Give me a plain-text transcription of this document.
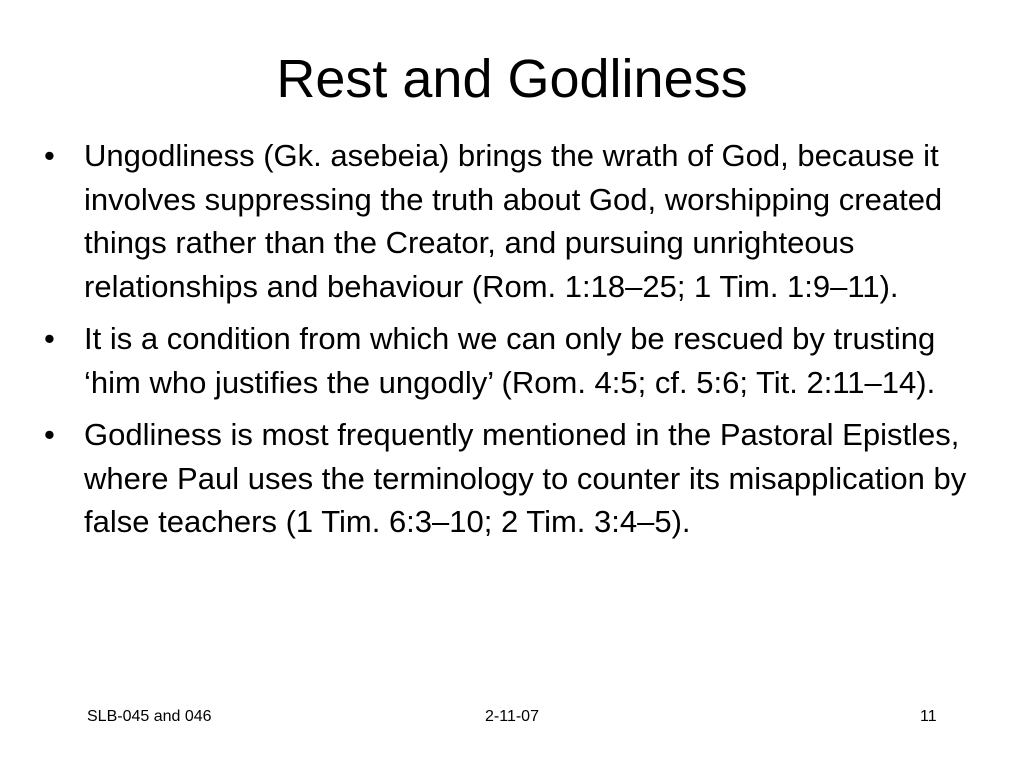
Rest and Godliness
• Ungodliness (Gk. asebeia) brings the wrath of God, because it involves suppressing the truth about God, worshipping created things rather than the Creator, and pursuing unrighteous relationships and behaviour (Rom. 1:18–25; 1 Tim. 1:9–11).
• It is a condition from which we can only be rescued by trusting ‘him who justifies the ungodly’ (Rom. 4:5; cf. 5:6; Tit. 2:11–14).
• Godliness is most frequently mentioned in the Pastoral Epistles, where Paul uses the terminology to counter its misapplication by false teachers (1 Tim. 6:3–10; 2 Tim. 3:4–5).
SLB-045 and 046	2-11-07	11
